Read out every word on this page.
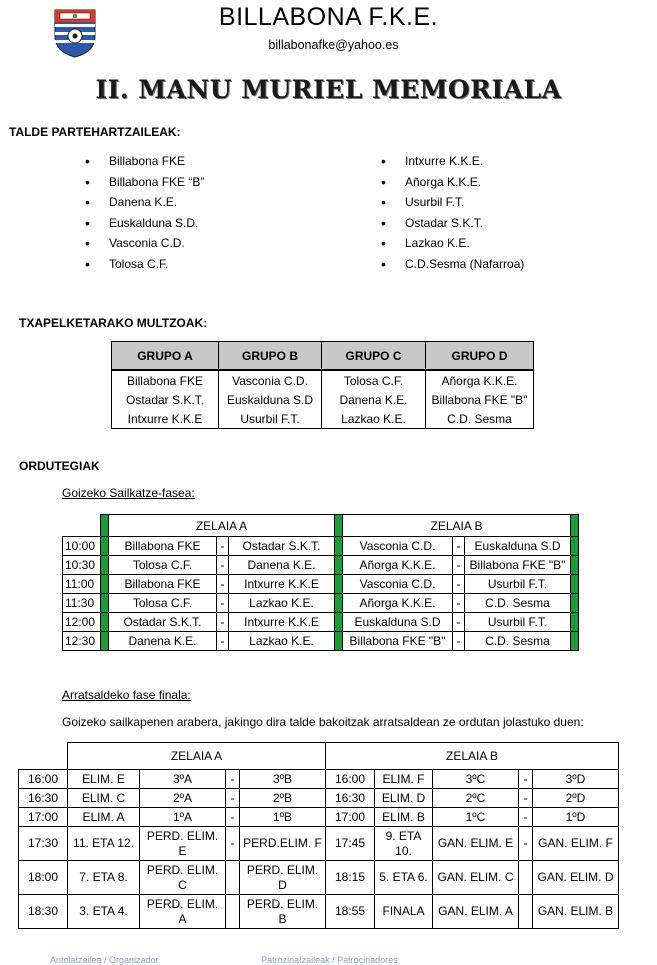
BILLABONA F.K.E.
billabonafke@yahoo.es
II. MANU MURIEL MEMORIALA
TALDE PARTEHARTZAILEAK:
• Billabona FKE
• Billabona FKE “B”
• Danena K.E.
• Euskalduna S.D.
• Vasconia C.D.
• Tolosa C.F.
• Intxurre K.K.E.
• Añorga K.K.E.
• Usurbil F.T.
• Ostadar S.K.T.
• Lazkao K.E.
• C.D.Sesma (Nafarroa)
TXAPELKETARAKO MULTZOAK:
GRUPO A	GRUPO B	GRUPO C	GRUPO D
Billabona FKE	Vasconia C.D.	Tolosa C.F.	Añorga K.K.E.
Ostadar S.K.T.	Euskalduna S.D	Danena K.E.	Billabona FKE "B"
Intxurre K.K.E	Usurbil F.T.	Lazkao K.E.	C.D. Sesma
ORDUTEGIAK
Goizeko Sailkatze-fasea:
		ZELAIA A				ZELAIA B			
10:00		Billabona FKE	-	Ostadar S.K.T.		Vasconia C.D.	-	Euskalduna S.D	
10:30		Tolosa C.F.	-	Danena K.E.		Añorga K.K.E.	-	Billabona FKE "B"	
11:00		Billabona FKE	-	Intxurre K.K.E		Vasconia C.D.	-	Usurbil F.T.	
11:30		Tolosa C.F.	-	Lazkao K.E.		Añorga K.K.E.	-	C.D. Sesma	
12:00		Ostadar S.K.T.	-	Intxurre K.K.E		Euskalduna S.D	-	Usurbil F.T.	
12:30		Danena K.E.	-	Lazkao K.E.		Billabona FKE "B"	-	C.D. Sesma	
Arratsaldeko fase finala:
Goizeko sailkapenen arabera, jakingo dira talde bakoitzak arratsaldean ze ordutan jolastuko duen:
	ZELAIA A				ZELAIA B				
16:00	ELIM. E	3ºA	-	3ºB	16:00	ELIM. F	3ºC	-	3ºD
16:30	ELIM. C	2ºA	-	2ºB	16:30	ELIM. D	2ºC	-	2ºD
17:00	ELIM. A	1ºA	-	1ºB	17:00	ELIM. B	1ºC	-	1ºD
17:30	11. ETA 12.	PERD. ELIM. E	-	PERD.ELIM. F	17:45	9. ETA 10.	GAN. ELIM. E	-	GAN. ELIM. F
18:00	7. ETA 8.	PERD. ELIM. C		PERD. ELIM. D	18:15	5. ETA 6.	GAN. ELIM. C		GAN. ELIM. D
18:30	3. ETA 4.	PERD. ELIM. A		PERD. ELIM. B	18:55	FINALA	GAN. ELIM. A		GAN. ELIM. B
Antolatzailea / Organizador	Patrozinatzaileak / Patrocinadores
